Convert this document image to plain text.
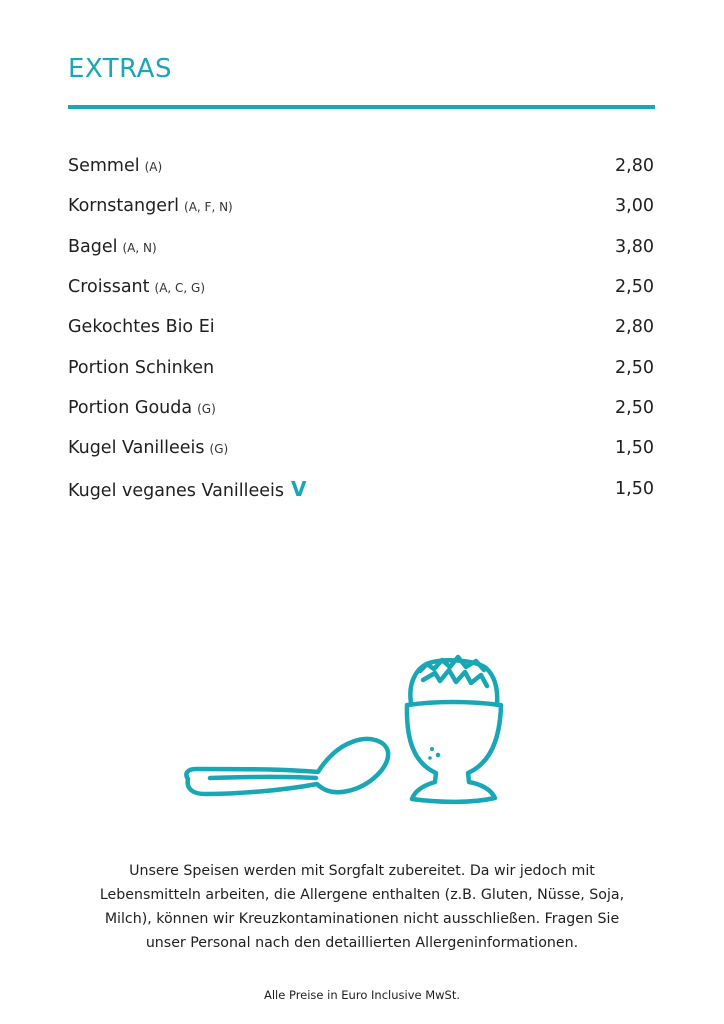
EXTRAS
Semmel (A)	2,80
Kornstangerl (A, F, N)	3,00
Bagel (A, N)	3,80
Croissant (A, C, G)	2,50
Gekochtes Bio Ei	2,80
Portion Schinken	2,50
Portion Gouda (G)	2,50
Kugel Vanilleeis (G)	1,50
Kugel veganes Vanilleeis V	1,50
Unsere Speisen werden mit Sorgfalt zubereitet. Da wir jedoch mit
Lebensmitteln arbeiten, die Allergene enthalten (z.B. Gluten, Nüsse, Soja,
Milch), können wir Kreuzkontaminationen nicht ausschließen. Fragen Sie
unser Personal nach den detaillierten Allergeninformationen.
Alle Preise in Euro Inclusive MwSt.
